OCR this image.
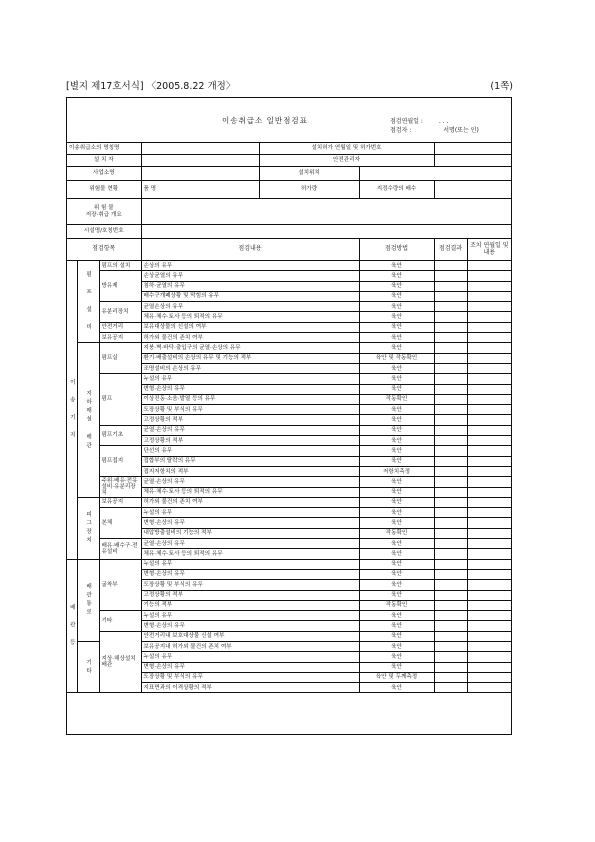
[별지 제17호서식] 〈2005.8.22 개정〉	(1쪽)
이송취급소 일반점검표 점검연월일 : . . .
점검자 : 서명(또는 인)							

이송취급소의 명칭명				설치허가 연월일 및 허가번호			
설 치 자				안전관리자			
사업소명				설치위치			
위험물 현황			품 명	허가량	지정수량의 배수		

위 험 물
저장·취급 개요							

시설명/호칭번호							
점검항목			점검내용		점검방법	점검결과	조치 연월일 및 내용
이 송 기 지	펌 프 설 비	펌프의 설치	손상의 유무		육안		
		방유제	손상균열의 유무		육안		
			침하·균열의 유무		육안		
			배수구개폐상황 및 막힘의 유무		육안		
		유분리장치	균열손상의 유무		육안		
			체유·체수·토사 등의 퇴적의 유무		육안		
		안전거리	보유대상물의 신설의 여부		육안		
		보유공지	허가외 물건의 존치 여부		육안		
	지하매설 배관	펌프실	지붕·벽·바닥·출입구의 균열·손상의 유무		육안		
			환기·배출설비의 손상의 유무 및 기능의 적부		육안 및 작동확인		
			조명설비의 손상의 유무		육안		
		펌프	누설의 유무		육안		
			변형·손상의 유무		육안		
			이상진동·소음·발열 등의 유무		작동확인		
			도장상황 및 부식의 유무		육안		
			고정상황의 적부		육안		
		펌프기초	균열·손상의 유무		육안		
			고정상황의 적부		육안		
		펌프접지	단선의 유무		육안		
			접합부의 탈락의 유무		육안		
			접지저항치의 적부		저항치측정		
		주위·배유·전유설비·유분리장치	균열·손상의 유무		육안		
			체유·체수·토사 등의 퇴적의 유무		육안		
	피그장치	보유공지	허가외 물건의 존치 여부		육안		
		본체	누설의 유무		육안		
			변형·손상의 유무		육안		
			내압방출설비의 기능의 적부		작동확인		
		배유·배수구·전유설비	균열·손상의 유무		육안		
			체유·체수·토사 등의 퇴적의 유무		육안		
배 관 등	배관통로	굴착부	누설의 유무		육안		
			변형·손상의 유무		육안		
			도장상황 및 부식의 유무		육안		
			고정상황의 적부		육안		
			기능의 적부		작동확인		
		기타	누설의 유무		육안		
			변형·손상의 유무		육안		
		지상·해상설치배관	안전거리내 보호대상물 신설 여부		육안		
	기타		보유공지내 허가외 물건의 존치 여부		육안		
			누설의 유무		육안		
			변형·손상의 유무		육안		
			도장상황 및 부식의 유무		육안 및 두께측정		
			지표면과의 이격상황의 적부		육안		
